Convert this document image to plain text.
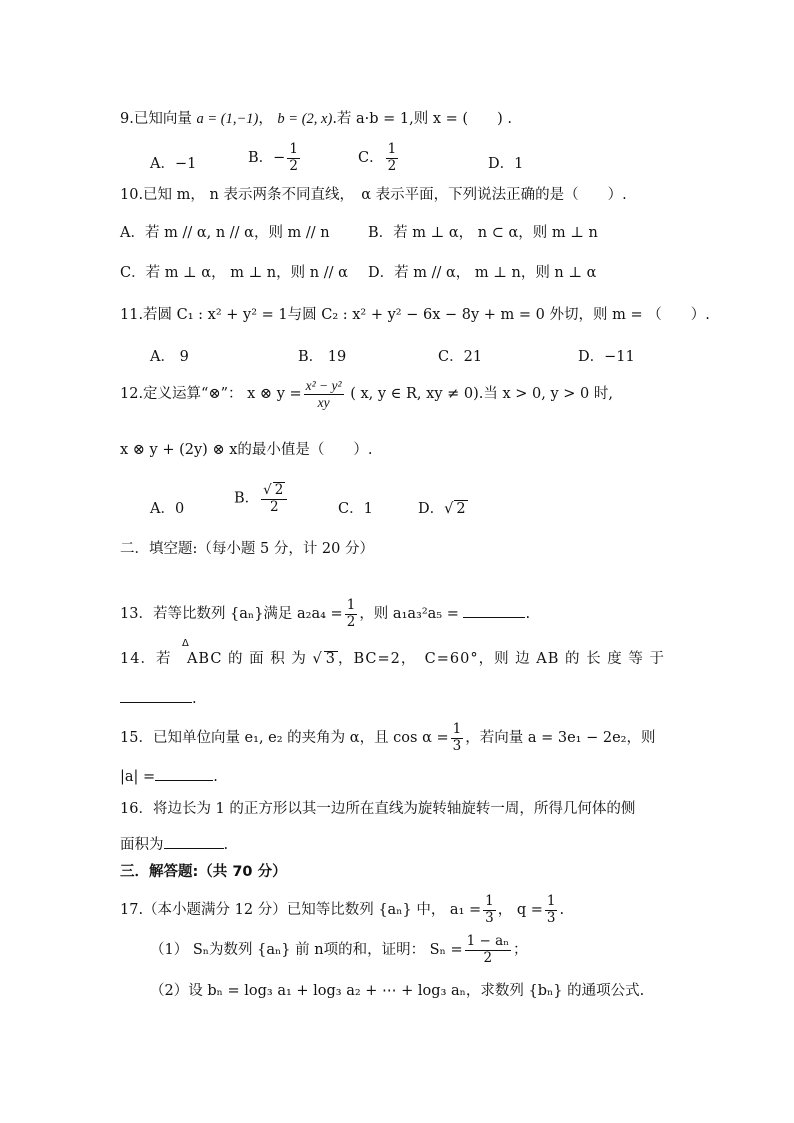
9.已知向量 a = (1,−1)， b = (2, x).若 a·b = 1,则 x = (　　) .
A．−1	B．− $\frac{1}{2}$	C． $\frac{1}{2}$	D．1
10.已知 m， n 表示两条不同直线，　α 表示平面，下列说法正确的是（　　）.
A．若 m // α, n // α，则 m // n	B．若 m ⊥ α， n ⊂ α，则 m ⊥ n
C．若 m ⊥ α， m ⊥ n，则 n // α D．若 m // α， m ⊥ n，则 n ⊥ α
11.若圆 C₁ : x² + y² = 1与圆 C₂ : x² + y² − 6x − 8y + m = 0 外切，则 m = （　　）.
A． 9	B． 19	C．21	D．−11
12.定义运算“⊗”： x ⊗ $y = \frac{\text{x² − y²}}{xy}$ ( x, y ∈ R, xy ≠ 0).当 x > 0, y > 0 时,
x ⊗ y + (2y) ⊗ x的最小值是（　　）.
A．0
B． $\frac{√ 2}{2}$	C．1	D．√ 2
二．填空题:（每小题 5 分，计 20 分）
13．若等比数列 {aₙ}满足 $a_2a_4 = \frac{1}{2}$ ，则 a₁a₃²a₅ =	.
Δ
14．若　 ABC 的 面 积 为 √ 3 ，BC=2，　C=60°，则 边 AB 的 长 度 等 于
.
15．已知单位向量 e₁, e₂ 的夹角为 α，且 $\cos \alpha = \frac{1}{3}$ ，若向量 a = 3e₁ − 2e₂，则
|a| =	.
16．将边长为 1 的正方形以其一边所在直线为旋转轴旋转一周，所得几何体的侧
面积为	.
三．解答题:（共 70 分）
17.（本小题满分 12 分）已知等比数列 {aₙ} 中， $a_1 = \frac{1}{3}$ ， $q = \frac{1}{3}$ .
（1） Sₙ为数列 {aₙ} 前 n项的和，证明： $S_n = \frac{\text{1 − aₙ}}{2}$ ；
（2）设 bₙ = log₃ a₁ + log₃ a₂ + ⋯ + log₃ aₙ，求数列 {bₙ} 的通项公式.
